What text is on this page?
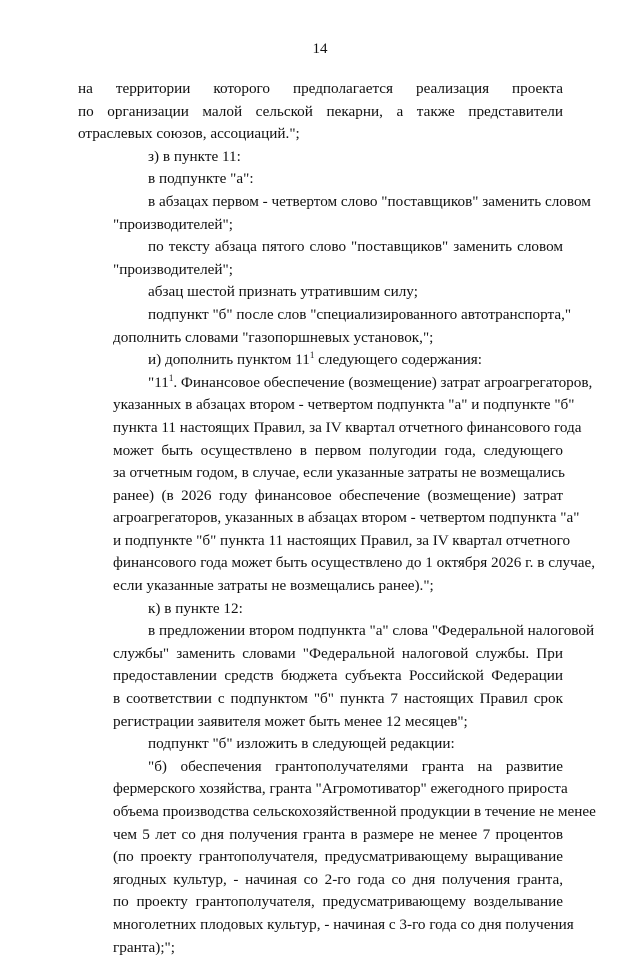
14
на территории которого предполагается реализация проекта
по организации малой сельской пекарни, а также представители
отраслевых союзов, ассоциаций.";
з) в пункте 11:
в подпункте "а":
в абзацах первом - четвертом слово "поставщиков" заменить словом
"производителей";
по тексту абзаца пятого слово "поставщиков" заменить словом
"производителей";
абзац шестой признать утратившим силу;
подпункт "б" после слов "специализированного автотранспорта,"
дополнить словами "газопоршневых установок,";
и) дополнить пунктом $11^1$ следующего содержания:
"$11^1$. Финансовое обеспечение (возмещение) затрат агроагрегаторов,
указанных в абзацах втором - четвертом подпункта "а" и подпункте "б"
пункта 11 настоящих Правил, за IV квартал отчетного финансового года
может быть осуществлено в первом полугодии года, следующего
за отчетным годом, в случае, если указанные затраты не возмещались
ранее) (в 2026 году финансовое обеспечение (возмещение) затрат
агроагрегаторов, указанных в абзацах втором - четвертом подпункта "а"
и подпункте "б" пункта 11 настоящих Правил, за IV квартал отчетного
финансового года может быть осуществлено до 1 октября 2026 г. в случае,
если указанные затраты не возмещались ранее).";
к) в пункте 12:
в предложении втором подпункта "а" слова "Федеральной налоговой
службы" заменить словами "Федеральной налоговой службы. При
предоставлении средств бюджета субъекта Российской Федерации
в соответствии с подпунктом "б" пункта 7 настоящих Правил срок
регистрации заявителя может быть менее 12 месяцев";
подпункт "б" изложить в следующей редакции:
"б) обеспечения грантополучателями гранта на развитие
фермерского хозяйства, гранта "Агромотиватор" ежегодного прироста
объема производства сельскохозяйственной продукции в течение не менее
чем 5 лет со дня получения гранта в размере не менее 7 процентов
(по проекту грантополучателя, предусматривающему выращивание
ягодных культур, - начиная со 2-го года со дня получения гранта,
по проекту грантополучателя, предусматривающему возделывание
многолетних плодовых культур, - начиная с 3-го года со дня получения
гранта);";
